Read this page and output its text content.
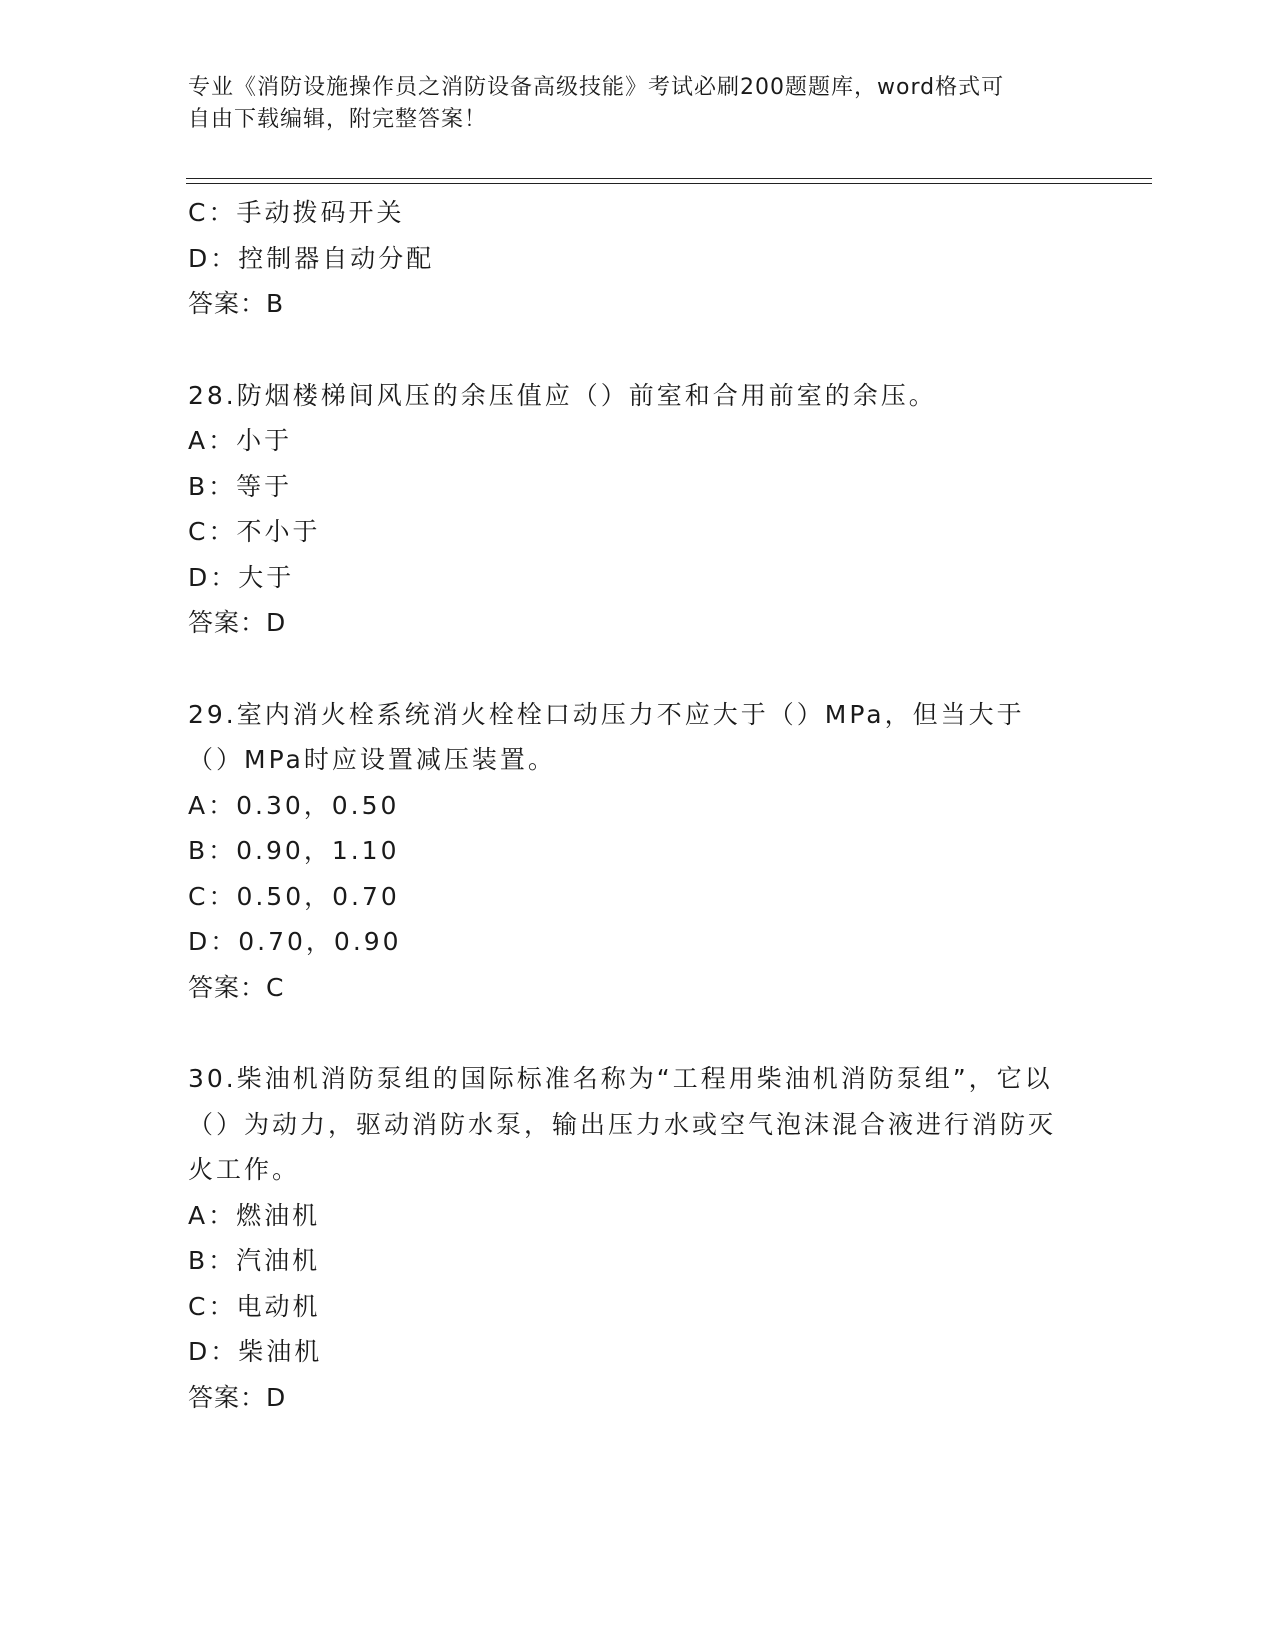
专业《消防设施操作员之消防设备高级技能》考试必刷200题题库，word格式可
自由下载编辑，附完整答案！
C：手动拨码开关
D：控制器自动分配
答案：B
28.防烟楼梯间风压的余压值应（）前室和合用前室的余压。
A：小于
B：等于
C：不小于
D：大于
答案：D
29.室内消火栓系统消火栓栓口动压力不应大于（）MPa，但当大于（）MPa时应设置减压装置。
A：0.30，0.50
B：0.90，1.10
C：0.50，0.70
D：0.70，0.90
答案：C
30.柴油机消防泵组的国际标准名称为“工程用柴油机消防泵组”，它以（）为动力，驱动消防水泵，输出压力水或空气泡沫混合液进行消防灭火工作。
A：燃油机
B：汽油机
C：电动机
D：柴油机
答案：D
